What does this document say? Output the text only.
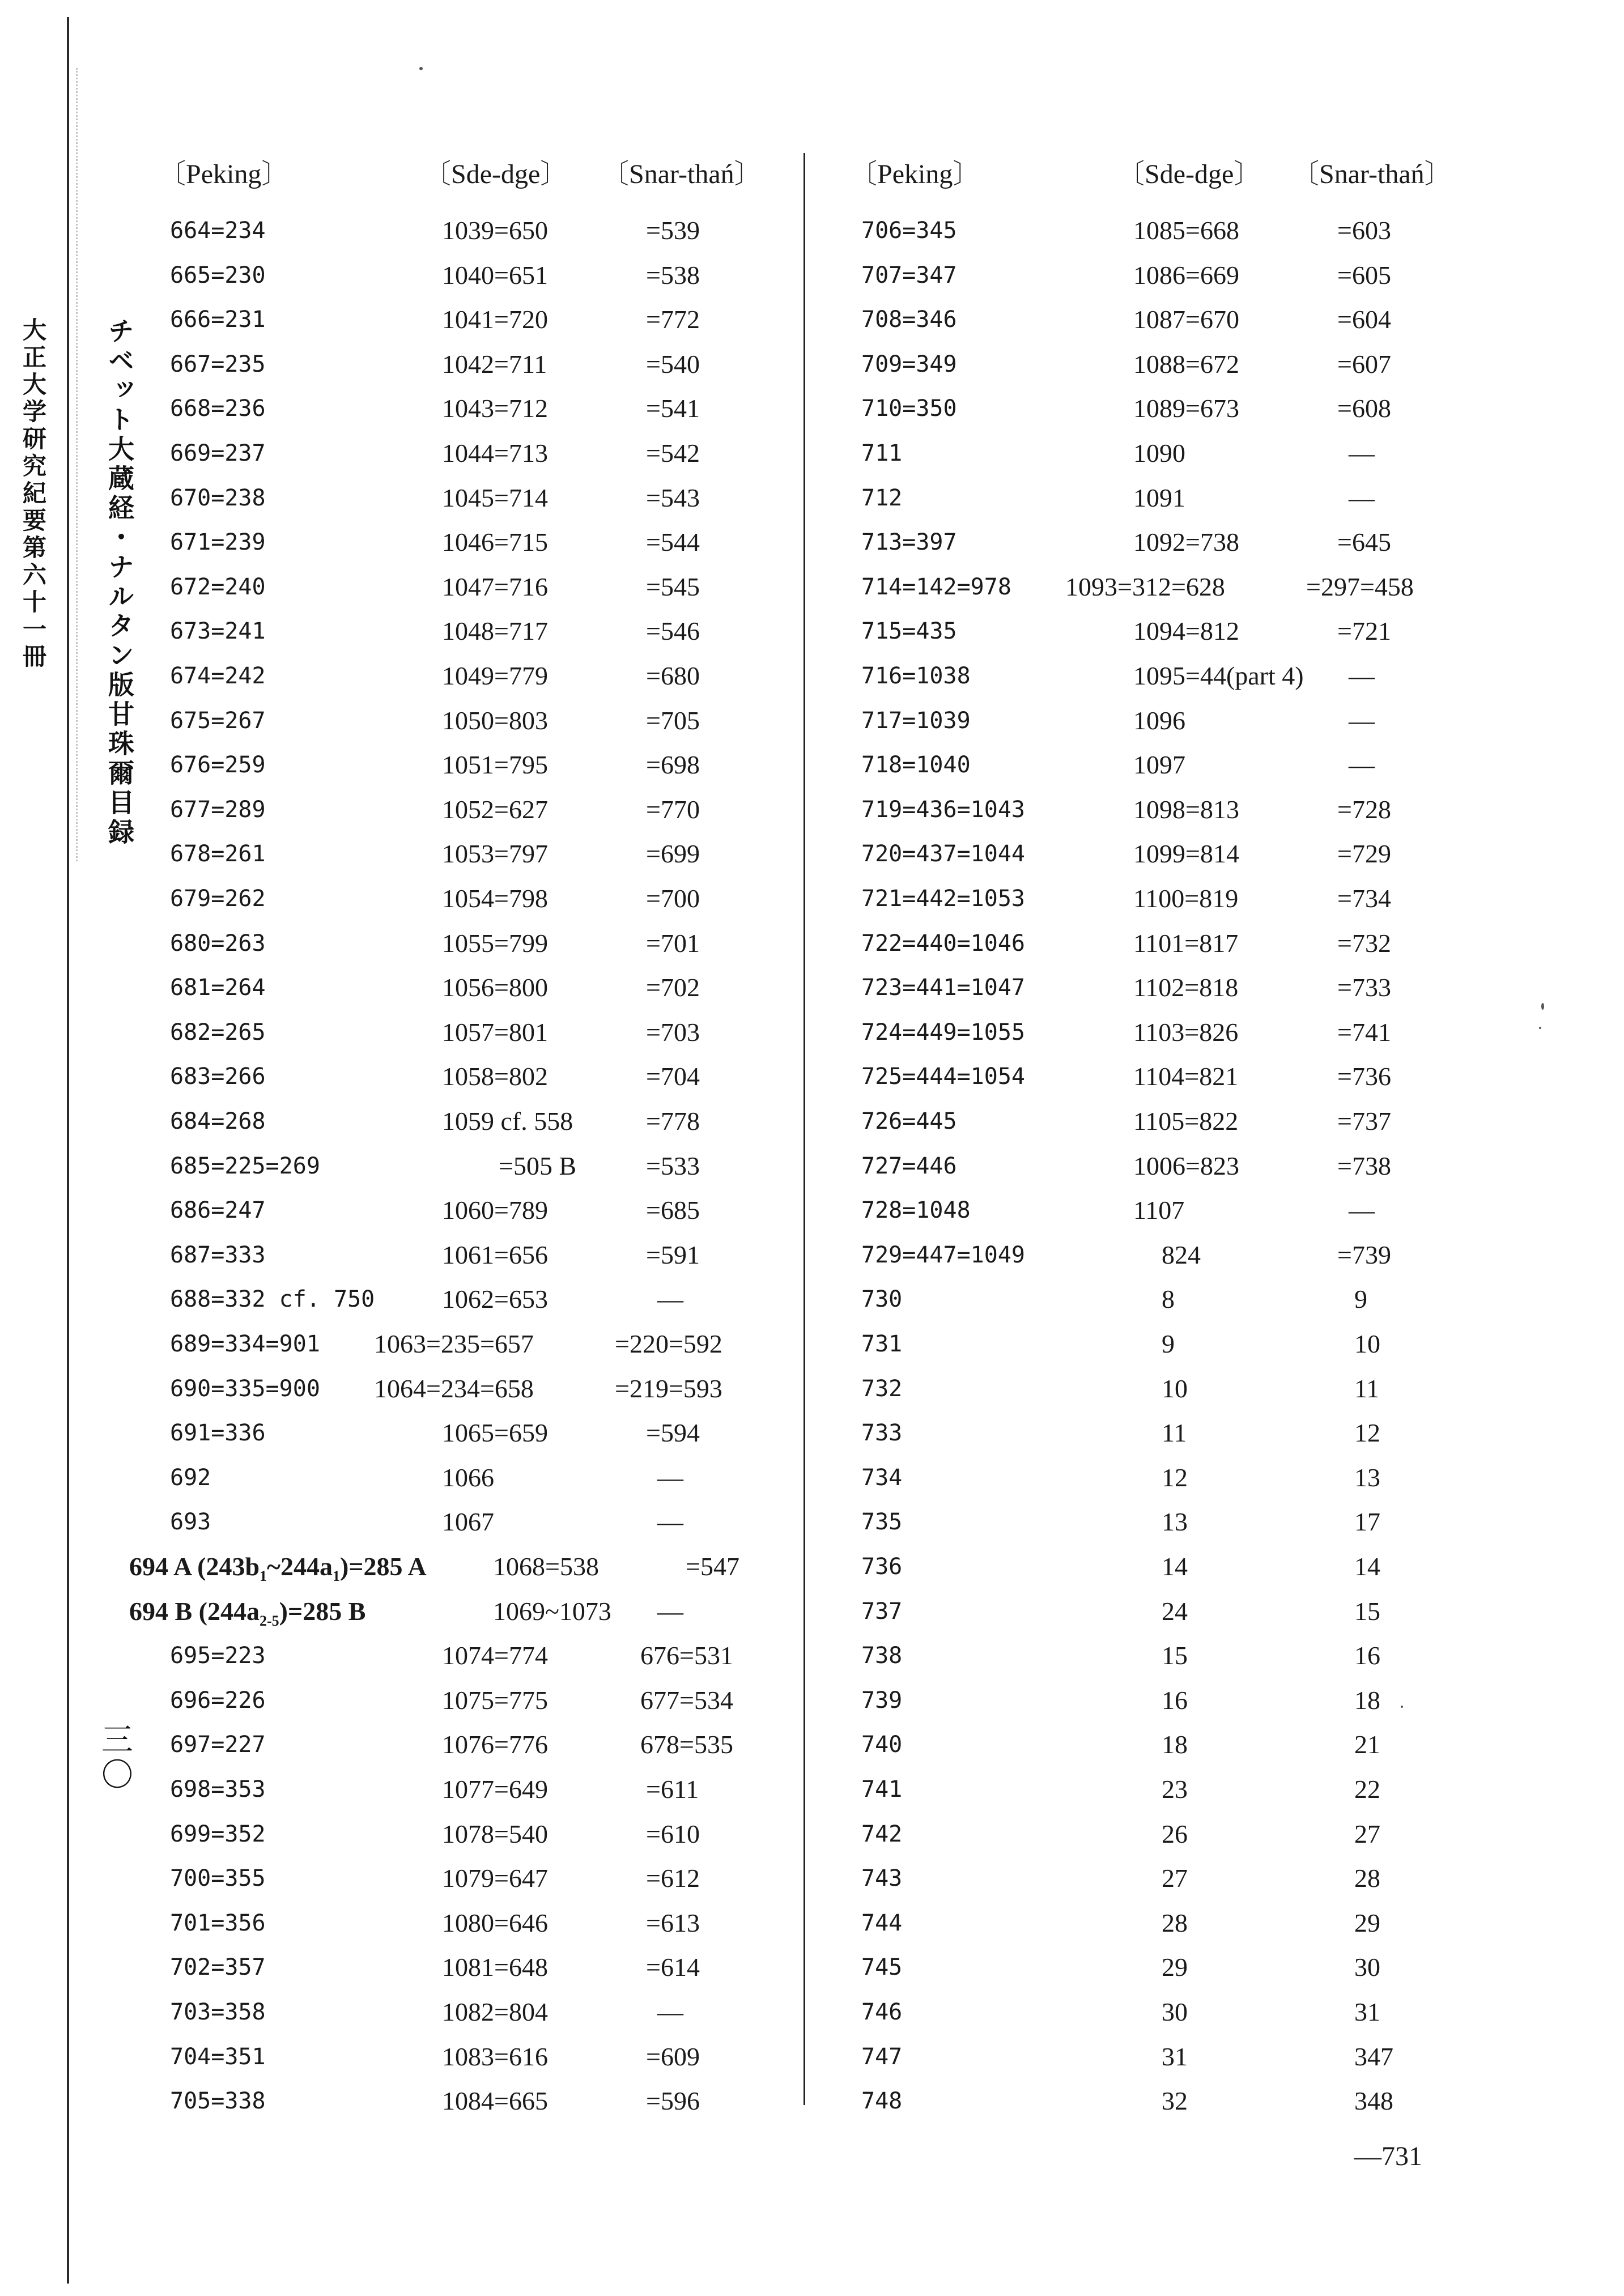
大正大学研究紀要第六十一冊 チベット大蔵経・ナルタン版甘珠爾目録
三〇
〔Peking〕	〔Sde-dge〕 〔Snar-thań〕	〔Peking〕	〔Sde-dge〕 〔Snar-thań〕
664=234	1039=650	=539
665=230	1040=651	=538
666=231	1041=720	=772
667=235	1042=711	=540
668=236	1043=712	=541
669=237	1044=713	=542
670=238	1045=714	=543
671=239	1046=715	=544
672=240	1047=716	=545
673=241	1048=717	=546
674=242	1049=779	=680
675=267	1050=803	=705
676=259	1051=795	=698
677=289	1052=627	=770
678=261	1053=797	=699
679=262	1054=798	=700
680=263	1055=799	=701
681=264	1056=800	=702
682=265	1057=801	=703
683=266	1058=802	=704
684=268	1059 cf. 558	=778
685=225=269	=505 B	=533
686=247	1060=789	=685
687=333	1061=656	=591
688=332 cf. 750	1062=653	—
689=334=901 1063=235=657	=220=592
690=335=900 1064=234=658	=219=593
691=336	1065=659	=594
692	1066	—
693	1067	—
694 A $(243b_1\sim 244a_1)=285$ A	1068=538	=547
694 B $(244a_{2-5})=285$ B	1069~1073 —
695=223	1074=774	676=531
696=226	1075=775	677=534
697=227	1076=776	678=535
698=353	1077=649	=611
699=352	1078=540	=610
700=355	1079=647	=612
701=356	1080=646	=613
702=357	1081=648	=614
703=358	1082=804	—
704=351	1083=616	=609
705=338	1084=665	=596
706=345	1085=668	=603
707=347	1086=669	=605
708=346	1087=670	=604
709=349	1088=672	=607
710=350	1089=673	=608
711	1090	—
712	1091	—
713=397	1092=738	=645
714=142=978 1093=312=628	=297=458
715=435	1094=812	=721
716=1038	1095=44(part 4) —
717=1039	1096	—
718=1040	1097	—
719=436=1043	1098=813	=728
720=437=1044	1099=814	=729
721=442=1053	1100=819	=734
722=440=1046	1101=817	=732
723=441=1047	1102=818	=733
724=449=1055	1103=826	=741
725=444=1054	1104=821	=736
726=445	1105=822	=737
727=446	1006=823	=738
728=1048	1107	—
729=447=1049	824	=739
730	8	9
731	9	10
732	10	11
733	11	12
734	12	13
735	13	17
736	14	14
737	24	15
738	15	16
739	16	18
740	18	21
741	23	22
742	26	27
743	27	28
744	28	29
745	29	30
746	30	31
747	31	347
748	32	348
—731
